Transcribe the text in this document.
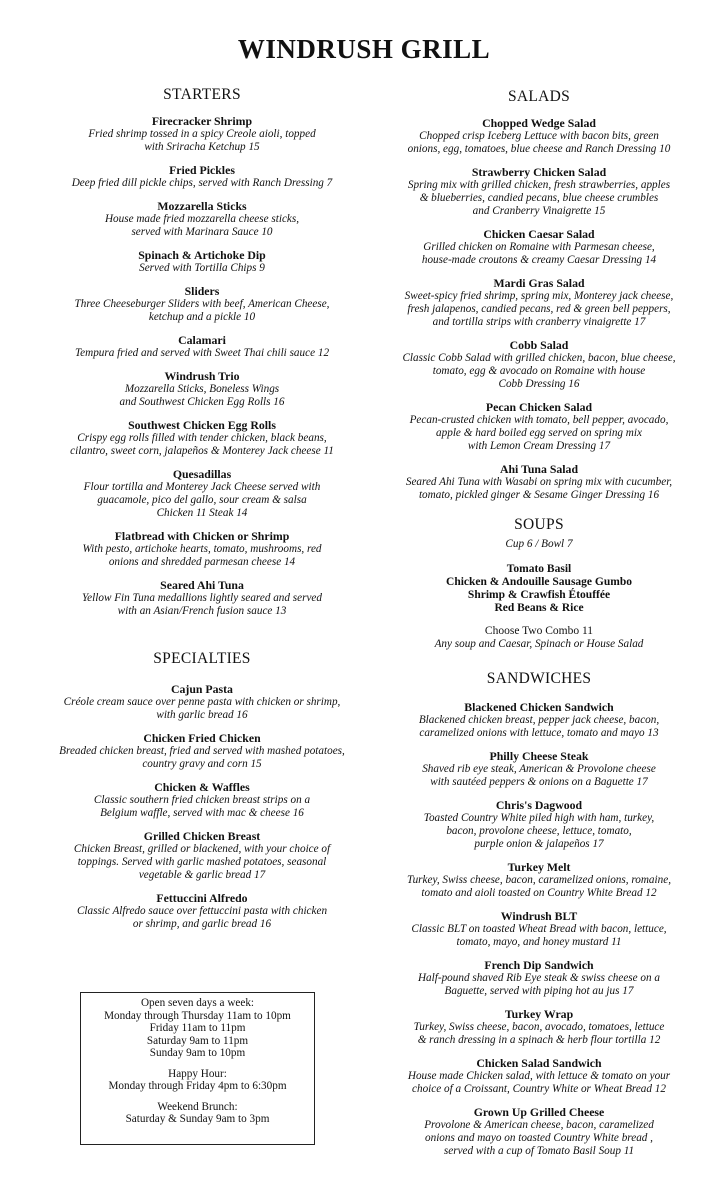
WINDRUSH GRILL
STARTERS
Firecracker Shrimp
Fried shrimp tossed in a spicy Creole aioli, topped
with Sriracha Ketchup 15
Fried Pickles
Deep fried dill pickle chips, served with Ranch Dressing 7
Mozzarella Sticks
House made fried mozzarella cheese sticks,
served with Marinara Sauce 10
Spinach & Artichoke Dip
Served with Tortilla Chips 9
Sliders
Three Cheeseburger Sliders with beef, American Cheese,
ketchup and a pickle 10
Calamari
Tempura fried and served with Sweet Thai chili sauce 12
Windrush Trio
Mozzarella Sticks, Boneless Wings
and Southwest Chicken Egg Rolls 16
Southwest Chicken Egg Rolls
Crispy egg rolls filled with tender chicken, black beans,
cilantro, sweet corn, jalapeños & Monterey Jack cheese 11
Quesadillas
Flour tortilla and Monterey Jack Cheese served with
guacamole, pico del gallo, sour cream & salsa
Chicken 11 Steak 14
Flatbread with Chicken or Shrimp
With pesto, artichoke hearts, tomato, mushrooms, red
onions and shredded parmesan cheese 14
Seared Ahi Tuna
Yellow Fin Tuna medallions lightly seared and served
with an Asian/French fusion sauce 13
SPECIALTIES
Cajun Pasta
Créole cream sauce over penne pasta with chicken or shrimp,
with garlic bread 16
Chicken Fried Chicken
Breaded chicken breast, fried and served with mashed potatoes,
country gravy and corn 15
Chicken & Waffles
Classic southern fried chicken breast strips on a
Belgium waffle, served with mac & cheese 16
Grilled Chicken Breast
Chicken Breast, grilled or blackened, with your choice of
toppings. Served with garlic mashed potatoes, seasonal
vegetable & garlic bread 17
Fettuccini Alfredo
Classic Alfredo sauce over fettuccini pasta with chicken
or shrimp, and garlic bread 16
Open seven days a week:
Monday through Thursday 11am to 10pm
Friday 11am to 11pm
Saturday 9am to 11pm
Sunday 9am to 10pm
Happy Hour:
Monday through Friday 4pm to 6:30pm
Weekend Brunch:
Saturday & Sunday 9am to 3pm
SALADS
Chopped Wedge Salad
Chopped crisp Iceberg Lettuce with bacon bits, green
onions, egg, tomatoes, blue cheese and Ranch Dressing 10
Strawberry Chicken Salad
Spring mix with grilled chicken, fresh strawberries, apples
& blueberries, candied pecans, blue cheese crumbles
and Cranberry Vinaigrette 15
Chicken Caesar Salad
Grilled chicken on Romaine with Parmesan cheese,
house-made croutons & creamy Caesar Dressing 14
Mardi Gras Salad
Sweet-spicy fried shrimp, spring mix, Monterey jack cheese,
fresh jalapenos, candied pecans, red & green bell peppers,
and tortilla strips with cranberry vinaigrette 17
Cobb Salad
Classic Cobb Salad with grilled chicken, bacon, blue cheese,
tomato, egg & avocado on Romaine with house
Cobb Dressing 16
Pecan Chicken Salad
Pecan-crusted chicken with tomato, bell pepper, avocado,
apple & hard boiled egg served on spring mix
with Lemon Cream Dressing 17
Ahi Tuna Salad
Seared Ahi Tuna with Wasabi on spring mix with cucumber,
tomato, pickled ginger & Sesame Ginger Dressing 16
SOUPS
Cup 6 / Bowl 7
Tomato Basil
Chicken & Andouille Sausage Gumbo
Shrimp & Crawfish Étouffée
Red Beans & Rice
Choose Two Combo 11
Any soup and Caesar, Spinach or House Salad
SANDWICHES
Blackened Chicken Sandwich
Blackened chicken breast, pepper jack cheese, bacon,
caramelized onions with lettuce, tomato and mayo 13
Philly Cheese Steak
Shaved rib eye steak, American & Provolone cheese
with sautéed peppers & onions on a Baguette 17
Chris's Dagwood
Toasted Country White piled high with ham, turkey,
bacon, provolone cheese, lettuce, tomato,
purple onion & jalapeños 17
Turkey Melt
Turkey, Swiss cheese, bacon, caramelized onions, romaine,
tomato and aioli toasted on Country White Bread 12
Windrush BLT
Classic BLT on toasted Wheat Bread with bacon, lettuce,
tomato, mayo, and honey mustard 11
French Dip Sandwich
Half-pound shaved Rib Eye steak & swiss cheese on a
Baguette, served with piping hot au jus 17
Turkey Wrap
Turkey, Swiss cheese, bacon, avocado, tomatoes, lettuce
& ranch dressing in a spinach & herb flour tortilla 12
Chicken Salad Sandwich
House made Chicken salad, with lettuce & tomato on your
choice of a Croissant, Country White or Wheat Bread 12
Grown Up Grilled Cheese
Provolone & American cheese, bacon, caramelized
onions and mayo on toasted Country White bread ,
served with a cup of Tomato Basil Soup 11
